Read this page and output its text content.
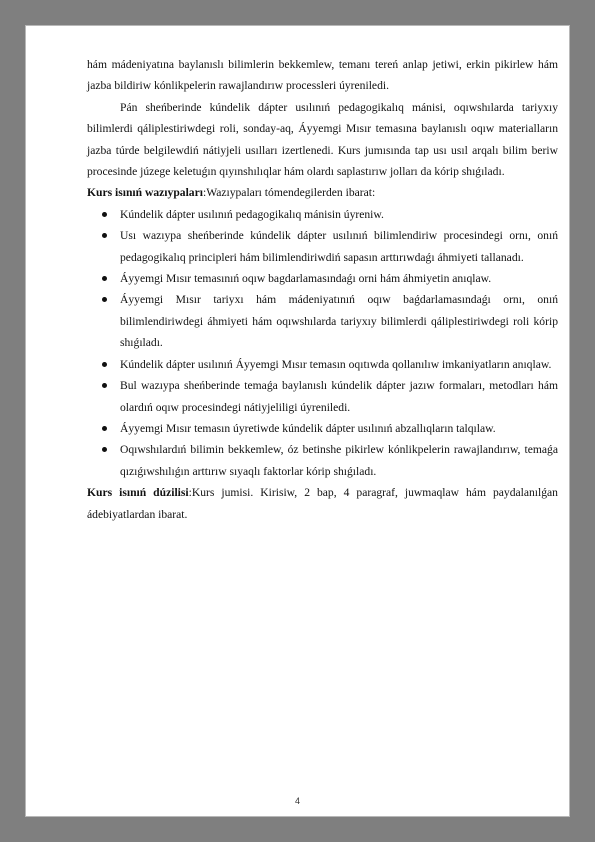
hám mádeniyatına baylanıslı bilimlerin bekkemlew, temanı tereń anlap jetiwi, erkin pikirlew hám jazba bildiriw kónlikpelerin rawajlandırıw processleri úyreniledi.

Pán sheńberinde kúndelik dápter usılınıń pedagogikalıq mánisi, oqıwshılarda tariyxıy bilimlerdi qáliplestiriwdegi roli, sonday-aq, Áyyemgi Mısır temasına baylanıslı oqıw materialların jazba túrde belgilewdiń nátiyjeli usılları izertlenedi. Kurs jumısında tap usı usıl arqalı bilim beriw procesinde júzege keletuǵın qıyınshılıqlar hám olardı saplastırıw jolları da kórip shıǵıladı.

Kurs isınıń wazıypaları:Wazıypaları tómendegilerden ibarat:

Kúndelik dápter usılınıń pedagogikalıq mánisin úyreniw.
Usı wazıypa sheńberinde kúndelik dápter usılınıń bilimlendiriw procesindegi ornı, onıń pedagogikalıq principleri hám bilimlendiriwdiń sapasın arttırıwdaǵı áhmiyeti tallanadı.
Áyyemgi Mısır temasınıń oqıw bagdarlamasındaǵı orni hám áhmiyetin anıqlaw.
Áyyemgi Mısır tariyxı hám mádeniyatınıń oqıw baǵdarlamasındaǵı ornı, onıń bilimlendiriwdegi áhmiyeti hám oqıwshılarda tariyxıy bilimlerdi qáliplestiriwdegi roli kórip shıǵıladı.
Kúndelik dápter usılınıń Áyyemgi Mısır temasın oqıtıwda qollanılıw imkaniyatların anıqlaw.
Bul wazıypa sheńberinde temaǵa baylanıslı kúndelik dápter jazıw formaları, metodları hám olardıń oqıw procesindegi nátiyjeliligi úyreniledi.
Áyyemgi Mısır temasın úyretiwde kúndelik dápter usılınıń abzallıqların talqılaw.
Oqıwshılardıń bilimin bekkemlew, óz betinshe pikirlew kónlikpelerin rawajlandırıw, temaǵa qızıǵıwshılıǵın arttırıw sıyaqlı faktorlar kórip shıǵıladı.

Kurs isınıń dúzilisi:Kurs jumisi. Kirisiw, 2 bap, 4 paragraf, juwmaqlaw hám paydalanılǵan ádebiyatlardan ibarat.

4
